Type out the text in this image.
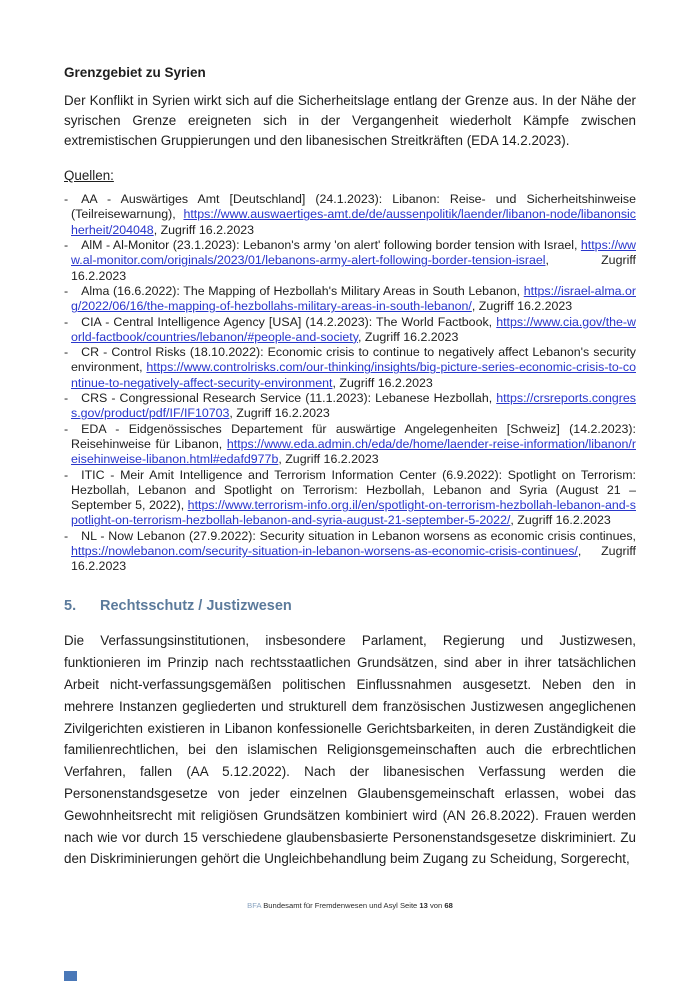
Grenzgebiet zu Syrien

Der Konflikt in Syrien wirkt sich auf die Sicherheitslage entlang der Grenze aus. In der Nähe der syrischen Grenze ereigneten sich in der Vergangenheit wiederholt Kämpfe zwischen extremistischen Gruppierungen und den libanesischen Streitkräften (EDA 14.2.2023).

Quellen:

- AA - Auswärtiges Amt [Deutschland] (24.1.2023): Libanon: Reise- und Sicherheitshinweise (Teilreisewarnung), https://www.auswaertiges-amt.de/de/aussenpolitik/laender/libanon-node/libanonsicherheit/204048, Zugriff 16.2.2023
- AlM - Al-Monitor (23.1.2023): Lebanon's army 'on alert' following border tension with Israel, https://www.al-monitor.com/originals/2023/01/lebanons-army-alert-following-border-tension-israel, Zugriff 16.2.2023
- Alma (16.6.2022): The Mapping of Hezbollah's Military Areas in South Lebanon, https://israel-alma.org/2022/06/16/the-mapping-of-hezbollahs-military-areas-in-south-lebanon/, Zugriff 16.2.2023
- CIA - Central Intelligence Agency [USA] (14.2.2023): The World Factbook, https://www.cia.gov/the-world-factbook/countries/lebanon/#people-and-society, Zugriff 16.2.2023
- CR - Control Risks (18.10.2022): Economic crisis to continue to negatively affect Lebanon's security environment, https://www.controlrisks.com/our-thinking/insights/big-picture-series-economic-crisis-to-continue-to-negatively-affect-security-environment, Zugriff 16.2.2023
- CRS - Congressional Research Service (11.1.2023): Lebanese Hezbollah, https://crsreports.congress.gov/product/pdf/IF/IF10703, Zugriff 16.2.2023
- EDA - Eidgenössisches Departement für auswärtige Angelegenheiten [Schweiz] (14.2.2023): Reisehinweise für Libanon, https://www.eda.admin.ch/eda/de/home/laender-reise-information/libanon/reisehinweise-libanon.html#edafd977b, Zugriff 16.2.2023
- ITIC - Meir Amit Intelligence and Terrorism Information Center (6.9.2022): Spotlight on Terrorism: Hezbollah, Lebanon and Spotlight on Terrorism: Hezbollah, Lebanon and Syria (August 21 – September 5, 2022), https://www.terrorism-info.org.il/en/spotlight-on-terrorism-hezbollah-lebanon-and-spotlight-on-terrorism-hezbollah-lebanon-and-syria-august-21-september-5-2022/, Zugriff 16.2.2023
- NL - Now Lebanon (27.9.2022): Security situation in Lebanon worsens as economic crisis continues, https://nowlebanon.com/security-situation-in-lebanon-worsens-as-economic-crisis-continues/, Zugriff 16.2.2023
5. Rechtsschutz / Justizwesen

Die Verfassungsinstitutionen, insbesondere Parlament, Regierung und Justizwesen, funktionieren im Prinzip nach rechtsstaatlichen Grundsätzen, sind aber in ihrer tatsächlichen Arbeit nicht-verfassungsgemäßen politischen Einflussnahmen ausgesetzt. Neben den in mehrere Instanzen gegliederten und strukturell dem französischen Justizwesen angeglichenen Zivilgerichten existieren in Libanon konfessionelle Gerichtsbarkeiten, in deren Zuständigkeit die familienrechtlichen, bei den islamischen Religionsgemeinschaften auch die erbrechtlichen Verfahren, fallen (AA 5.12.2022). Nach der libanesischen Verfassung werden die Personenstandsgesetze von jeder einzelnen Glaubensgemeinschaft erlassen, wobei das Gewohnheitsrecht mit religiösen Grundsätzen kombiniert wird (AN 26.8.2022). Frauen werden nach wie vor durch 15 verschiedene glaubensbasierte Personenstandsgesetze diskriminiert. Zu den Diskriminierungen gehört die Ungleichbehandlung beim Zugang zu Scheidung, Sorgerecht,

BFA Bundesamt für Fremdenwesen und Asyl Seite 13 von 68
